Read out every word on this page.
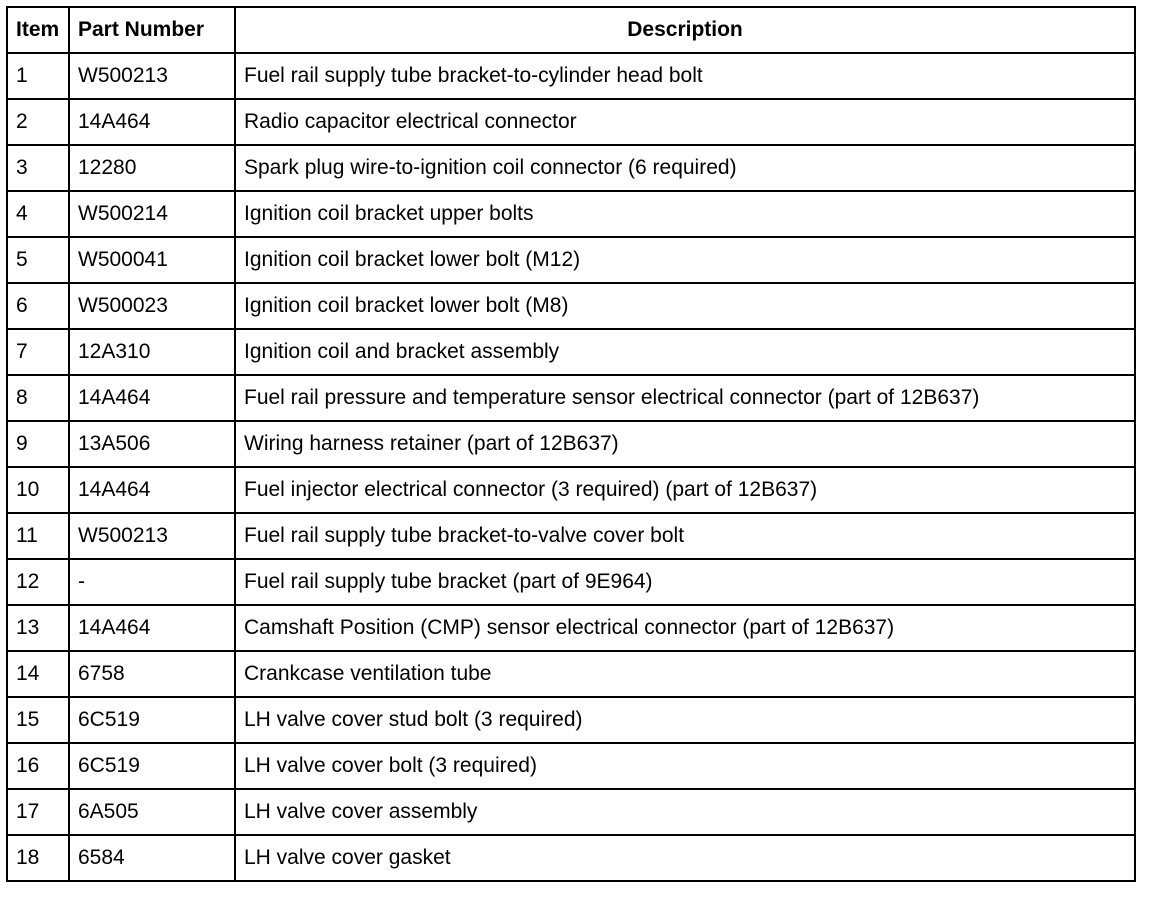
Item	Part Number	Description
1	W500213	Fuel rail supply tube bracket-to-cylinder head bolt
2	14A464	Radio capacitor electrical connector
3	12280	Spark plug wire-to-ignition coil connector (6 required)
4	W500214	Ignition coil bracket upper bolts
5	W500041	Ignition coil bracket lower bolt (M12)
6	W500023	Ignition coil bracket lower bolt (M8)
7	12A310	Ignition coil and bracket assembly
8	14A464	Fuel rail pressure and temperature sensor electrical connector (part of 12B637)
9	13A506	Wiring harness retainer (part of 12B637)
10	14A464	Fuel injector electrical connector (3 required) (part of 12B637)
11	W500213	Fuel rail supply tube bracket-to-valve cover bolt
12	-	Fuel rail supply tube bracket (part of 9E964)
13	14A464	Camshaft Position (CMP) sensor electrical connector (part of 12B637)
14	6758	Crankcase ventilation tube
15	6C519	LH valve cover stud bolt (3 required)
16	6C519	LH valve cover bolt (3 required)
17	6A505	LH valve cover assembly
18	6584	LH valve cover gasket
